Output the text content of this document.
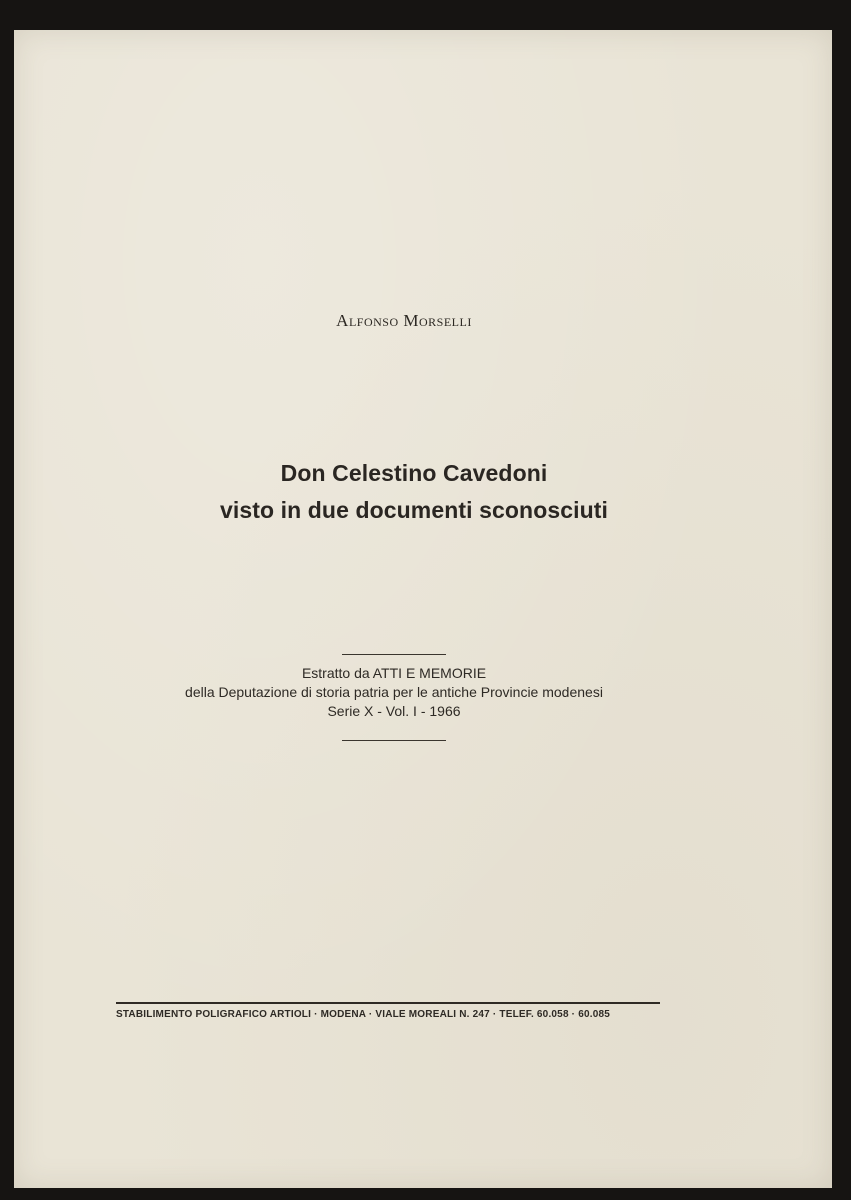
Alfonso Morselli
Don Celestino Cavedoni
visto in due documenti sconosciuti
Estratto da ATTI E MEMORIE
della Deputazione di storia patria per le antiche Provincie modenesi
Serie X - Vol. I - 1966
STABILIMENTO POLIGRAFICO ARTIOLI · MODENA · VIALE MOREALI N. 247 · TELEF. 60.058 · 60.085
